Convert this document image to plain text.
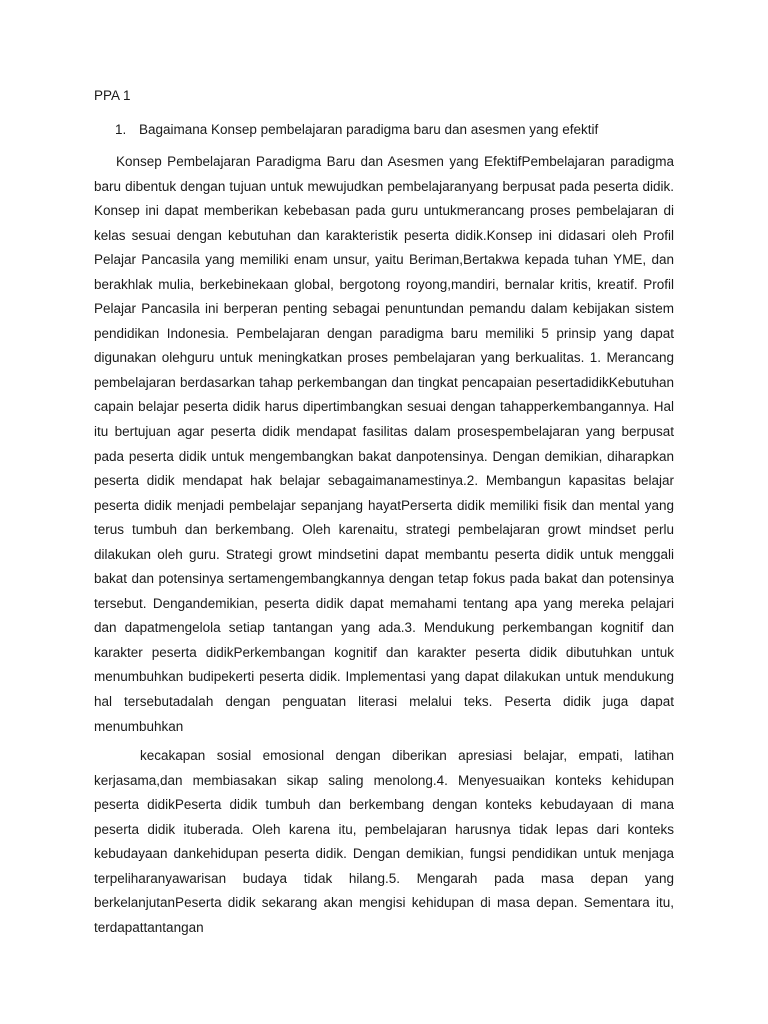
PPA 1
1. Bagaimana Konsep pembelajaran paradigma baru dan asesmen yang efektif

Konsep Pembelajaran Paradigma Baru dan Asesmen yang EfektifPembelajaran paradigma baru dibentuk dengan tujuan untuk mewujudkan pembelajaranyang berpusat pada peserta didik. Konsep ini dapat memberikan kebebasan pada guru untukmerancang proses pembelajaran di kelas sesuai dengan kebutuhan dan karakteristik peserta didik.Konsep ini didasari oleh Profil Pelajar Pancasila yang memiliki enam unsur, yaitu Beriman,Bertakwa kepada tuhan YME, dan berakhlak mulia, berkebinekaan global, bergotong royong,mandiri, bernalar kritis, kreatif. Profil Pelajar Pancasila ini berperan penting sebagai penuntundan pemandu dalam kebijakan sistem pendidikan Indonesia. Pembelajaran dengan paradigma baru memiliki 5 prinsip yang dapat digunakan olehguru untuk meningkatkan proses pembelajaran yang berkualitas. 1. Merancang pembelajaran berdasarkan tahap perkembangan dan tingkat pencapaian pesertadidikKebutuhan capain belajar peserta didik harus dipertimbangkan sesuai dengan tahapperkembangannya. Hal itu bertujuan agar peserta didik mendapat fasilitas dalam prosespembelajaran yang berpusat pada peserta didik untuk mengembangkan bakat danpotensinya. Dengan demikian, diharapkan peserta didik mendapat hak belajar sebagaimanamestinya.2. Membangun kapasitas belajar peserta didik menjadi pembelajar sepanjang hayatPerserta didik memiliki fisik dan mental yang terus tumbuh dan berkembang. Oleh karenaitu, strategi pembelajaran growt mindset perlu dilakukan oleh guru. Strategi growt mindsetini dapat membantu peserta didik untuk menggali bakat dan potensinya sertamengembangkannya dengan tetap fokus pada bakat dan potensinya tersebut. Dengandemikian, peserta didik dapat memahami tentang apa yang mereka pelajari dan dapatmengelola setiap tantangan yang ada.3. Mendukung perkembangan kognitif dan karakter peserta didikPerkembangan kognitif dan karakter peserta didik dibutuhkan untuk menumbuhkan budipekerti peserta didik. Implementasi yang dapat dilakukan untuk mendukung hal tersebutadalah dengan penguatan literasi melalui teks. Peserta didik juga dapat menumbuhkan

kecakapan sosial emosional dengan diberikan apresiasi belajar, empati, latihan kerjasama,dan membiasakan sikap saling menolong.4. Menyesuaikan konteks kehidupan peserta didikPeserta didik tumbuh dan berkembang dengan konteks kebudayaan di mana peserta didik ituberada. Oleh karena itu, pembelajaran harusnya tidak lepas dari konteks kebudayaan dankehidupan peserta didik. Dengan demikian, fungsi pendidikan untuk menjaga terpeliharanyawarisan budaya tidak hilang.5. Mengarah pada masa depan yang berkelanjutanPeserta didik sekarang akan mengisi kehidupan di masa depan. Sementara itu, terdapattantangan
